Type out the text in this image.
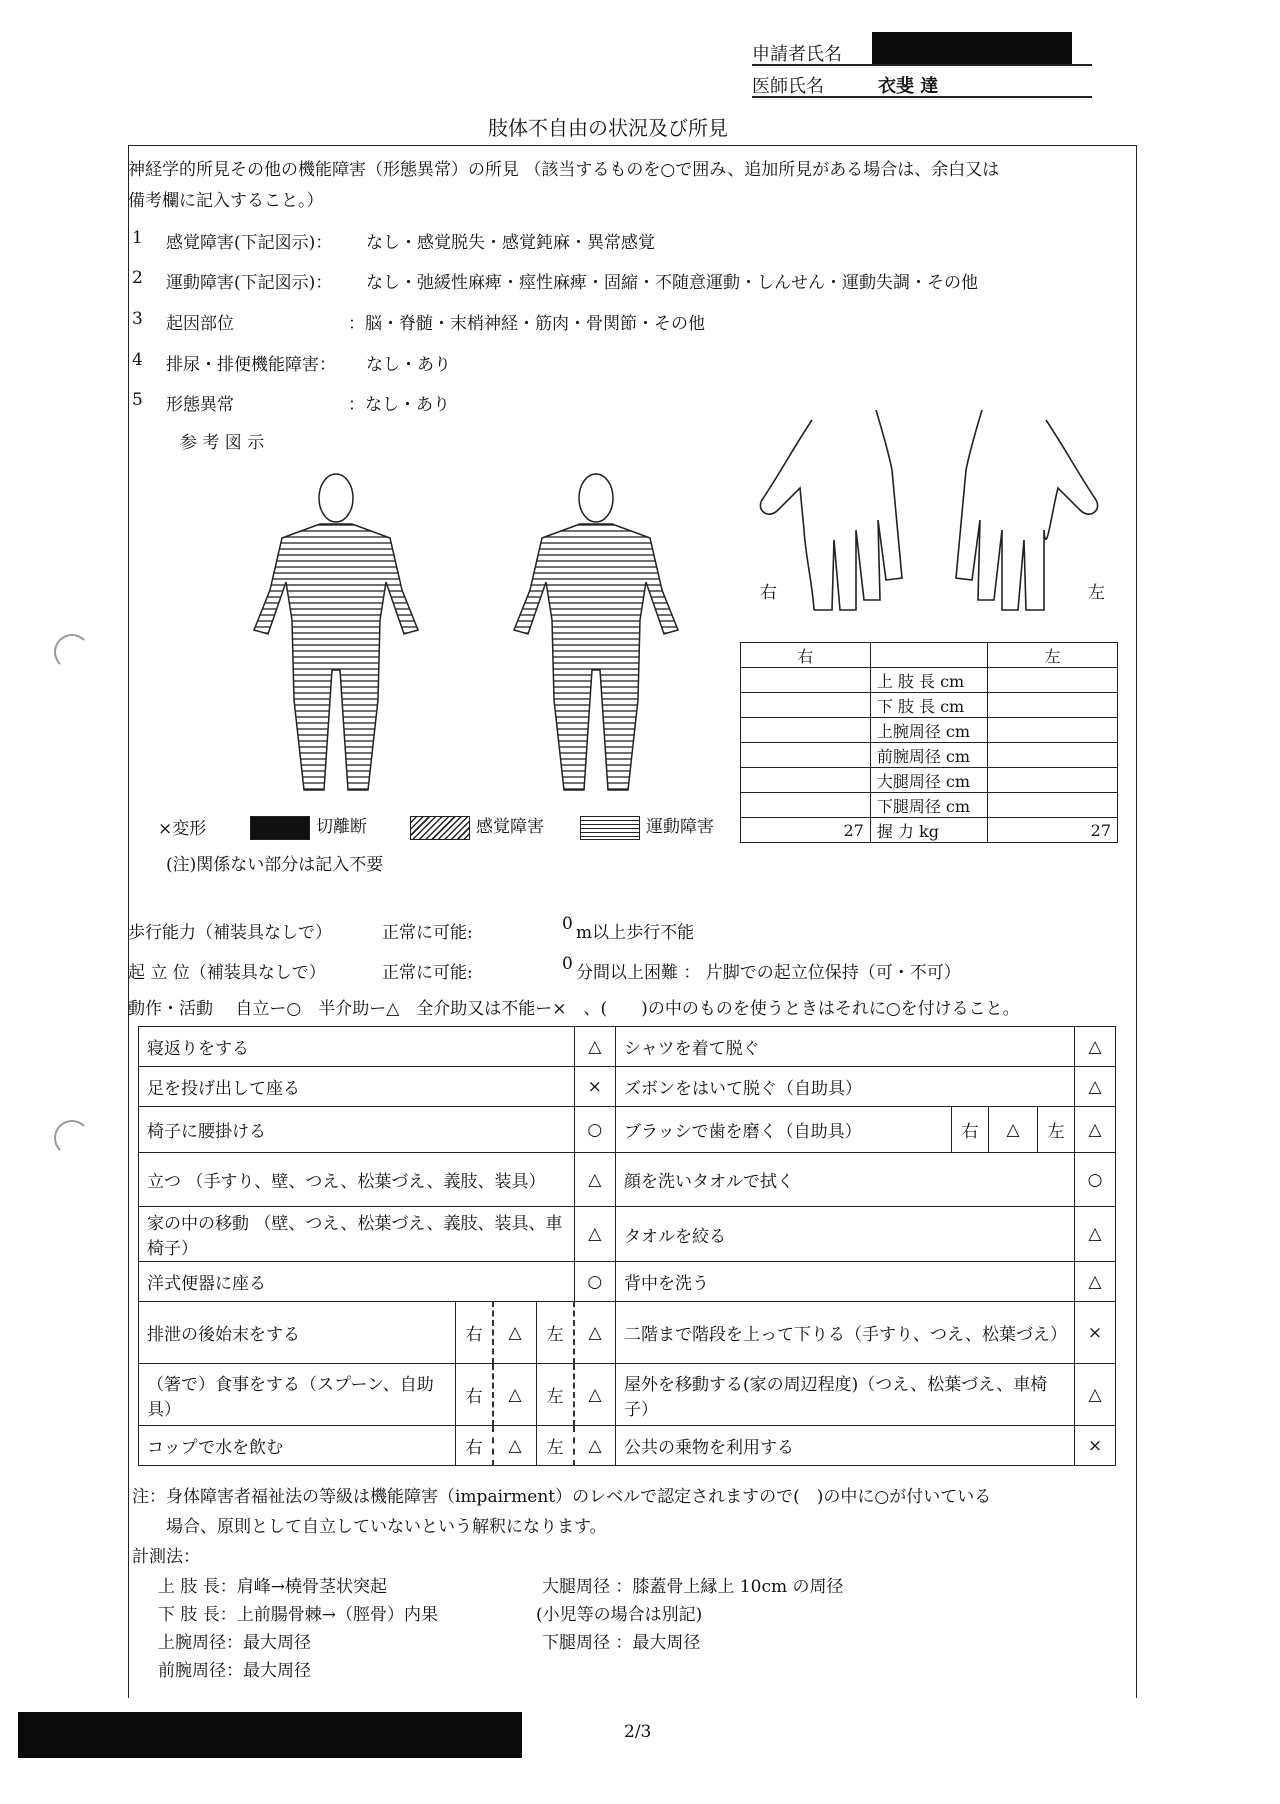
申請者氏名
医師氏名	衣斐 達
肢体不自由の状況及び所見
神経学的所見その他の機能障害（形態異常）の所見 （該当するものを○で囲み、追加所見がある場合は、余白又は
備考欄に記入すること。）
1 感覚障害(下記図示)： なし・感覚脱失・感覚鈍麻・異常感覚
2 運動障害(下記図示)： なし・弛緩性麻痺・痙性麻痺・固縮・不随意運動・しんせん・運動失調・その他
3 起因部位	：脳・脊髄・末梢神経・筋肉・骨関節・その他
4 排尿・排便機能障害： なし・あり
5 形態異常	：なし・あり
参 考 図 示
右	左
右		左
	上 肢 長 cm	
	下 肢 長 cm	
	上腕周径 cm	
	前腕周径 cm	
	大腿周径 cm	
	下腿周径 cm	
27	握 力 kg	27
×変形	切離断	感覚障害	運動障害
(注)関係ない部分は記入不要
歩行能力（補装具なしで）	正常に可能:	0 m以上歩行不能
起 立 位（補装具なしで）	正常に可能:	0 分間以上困難 ： 片脚での起立位保持（可・不可）
動作・活動　 自立ー○　半介助ー△　全介助又は不能ー×　、(　　)の中のものを使うときはそれに○を付けること。
寝返りをする				△	シャツを着て脱ぐ				△
足を投げ出して座る				×	ズボンをはいて脱ぐ（自助具）				△
椅子に腰掛ける				○	ブラッシで歯を磨く（自助具）	右	△	左	△
立つ （手すり、壁、つえ、松葉づえ、義肢、装具）				△	顔を洗いタオルで拭く				○
家の中の移動 （壁、つえ、松葉づえ、義肢、装具、車椅子）				△	タオルを絞る				△
洋式便器に座る				○	背中を洗う				△
排泄の後始末をする	右	△	左	△	二階まで階段を上って下りる（手すり、つえ、松葉づえ）				×
（箸で）食事をする（スプーン、自助具）	右	△	左	△	屋外を移動する(家の周辺程度)（つえ、松葉づえ、車椅子）				△
コップで水を飲む	右	△	左	△	公共の乗物を利用する				×
注：身体障害者福祉法の等級は機能障害（impairment）のレベルで認定されますので(　)の中に○が付いている
場合、原則として自立していないという解釈になります。
計測法：
上 肢 長：肩峰→橈骨茎状突起
下 肢 長：上前腸骨棘→（脛骨）内果
上腕周径：最大周径
前腕周径：最大周径
大腿周径 ：膝蓋骨上縁上 10cm の周径
(小児等の場合は別記)
下腿周径 ：最大周径
2/3
